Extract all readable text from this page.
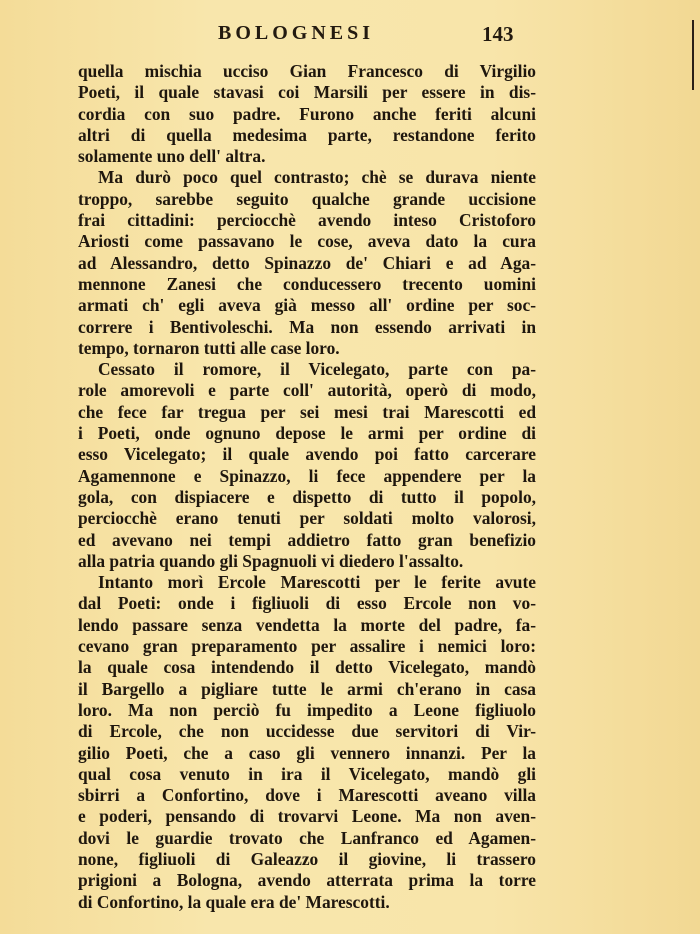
BOLOGNESI	143
quella mischia ucciso Gian Francesco di Virgilio
Poeti, il quale stavasi coi Marsili per essere in dis-
cordia con suo padre. Furono anche feriti alcuni
altri di quella medesima parte, restandone ferito
solamente uno dell' altra.
Ma durò poco quel contrasto; chè se durava niente
troppo, sarebbe seguito qualche grande uccisione
frai cittadini: perciocchè avendo inteso Cristoforo
Ariosti come passavano le cose, aveva dato la cura
ad Alessandro, detto Spinazzo de' Chiari e ad Aga-
mennone Zanesi che conducessero trecento uomini
armati ch' egli aveva già messo all' ordine per soc-
correre i Bentivoleschi. Ma non essendo arrivati in
tempo, tornaron tutti alle case loro.
Cessato il romore, il Vicelegato, parte con pa-
role amorevoli e parte coll' autorità, operò di modo,
che fece far tregua per sei mesi trai Marescotti ed
i Poeti, onde ognuno depose le armi per ordine di
esso Vicelegato; il quale avendo poi fatto carcerare
Agamennone e Spinazzo, li fece appendere per la
gola, con dispiacere e dispetto di tutto il popolo,
perciocchè erano tenuti per soldati molto valorosi,
ed avevano nei tempi addietro fatto gran benefizio
alla patria quando gli Spagnuoli vi diedero l'assalto.
Intanto morì Ercole Marescotti per le ferite avute
dal Poeti: onde i figliuoli di esso Ercole non vo-
lendo passare senza vendetta la morte del padre, fa-
cevano gran preparamento per assalire i nemici loro:
la quale cosa intendendo il detto Vicelegato, mandò
il Bargello a pigliare tutte le armi ch'erano in casa
loro. Ma non perciò fu impedito a Leone figliuolo
di Ercole, che non uccidesse due servitori di Vir-
gilio Poeti, che a caso gli vennero innanzi. Per la
qual cosa venuto in ira il Vicelegato, mandò gli
sbirri a Confortino, dove i Marescotti aveano villa
e poderi, pensando di trovarvi Leone. Ma non aven-
dovi le guardie trovato che Lanfranco ed Agamen-
none, figliuoli di Galeazzo il giovine, li trassero
prigioni a Bologna, avendo atterrata prima la torre
di Confortino, la quale era de' Marescotti.
